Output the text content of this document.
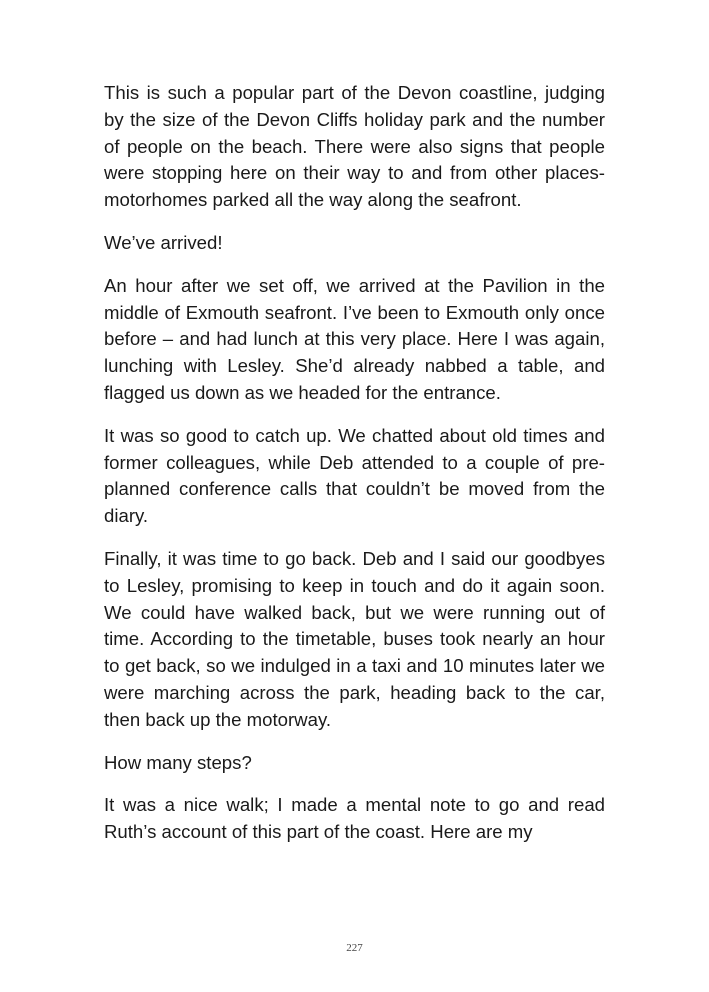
This is such a popular part of the Devon coastline, judging by the size of the Devon Cliffs holiday park and the number of people on the beach. There were also signs that people were stopping here on their way to and from other places-motorhomes parked all the way along the seafront.

We’ve arrived!

An hour after we set off, we arrived at the Pavilion in the middle of Exmouth seafront. I’ve been to Exmouth only once before – and had lunch at this very place. Here I was again, lunching with Lesley. She’d already nabbed a table, and flagged us down as we headed for the entrance.

It was so good to catch up. We chatted about old times and former colleagues, while Deb attended to a couple of pre-planned conference calls that couldn’t be moved from the diary.

Finally, it was time to go back. Deb and I said our goodbyes to Lesley, promising to keep in touch and do it again soon. We could have walked back, but we were running out of time. According to the timetable, buses took nearly an hour to get back, so we indulged in a taxi and 10 minutes later we were marching across the park, heading back to the car, then back up the motorway.

How many steps?

It was a nice walk; I made a mental note to go and read Ruth’s account of this part of the coast. Here are my

227
